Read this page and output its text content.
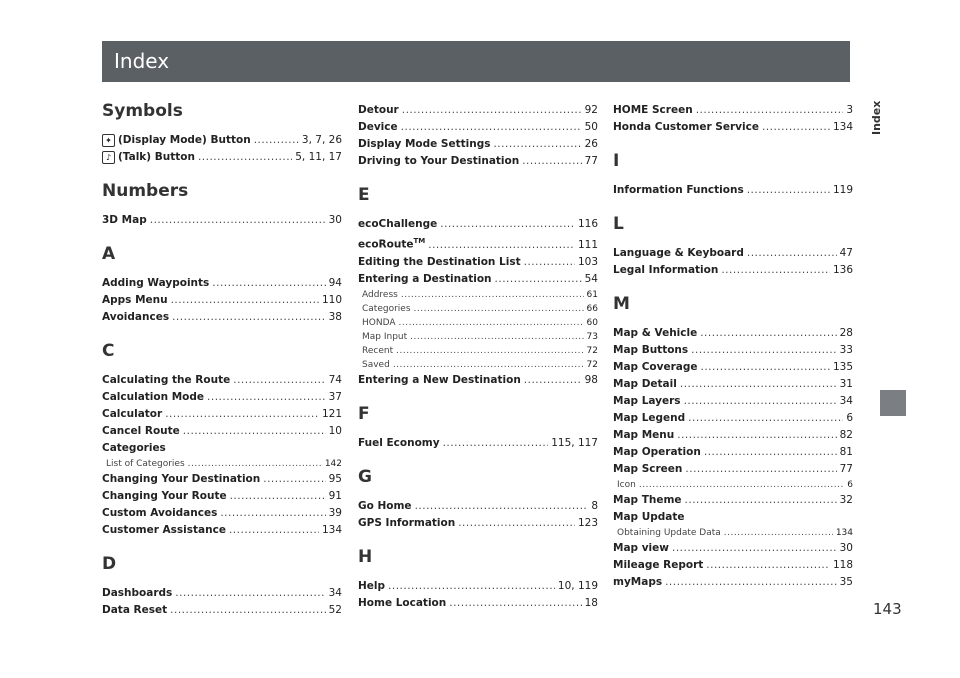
Index
Index
Symbols
✦ (Display Mode) Button .....	3, 7, 26
♪ (Talk) Button .....	5, 11, 17
Numbers
3D Map .....	30
A
Adding Waypoints .....	94
Apps Menu .....	110
Avoidances .....	38
C
Calculating the Route .....	74
Calculation Mode .....	37
Calculator .....	121
Cancel Route .....	10
Categories
List of Categories .....	142
Changing Your Destination .....	95
Changing Your Route .....	91
Custom Avoidances .....	39
Customer Assistance .....	134
D
Dashboards .....	34
Data Reset .....	52
Detour .....	92
Device .....	50
Display Mode Settings .....	26
Driving to Your Destination .....	77
E
ecoChallenge .....	116
ecoRoute™ .....	111
Editing the Destination List .....	103
Entering a Destination .....	54
Address .....	61
Categories .....	66
HONDA .....	60
Map Input .....	73
Recent .....	72
Saved .....	72
Entering a New Destination .....	98
F
Fuel Economy .....	115, 117
G
Go Home .....	8
GPS Information .....	123
H
Help .....	10, 119
Home Location .....	18
HOME Screen .....	3
Honda Customer Service .....	134
I
Information Functions .....	119
L
Language & Keyboard .....	47
Legal Information .....	136
M
Map & Vehicle .....	28
Map Buttons .....	33
Map Coverage .....	135
Map Detail .....	31
Map Layers .....	34
Map Legend .....	6
Map Menu .....	82
Map Operation .....	81
Map Screen .....	77
Icon .....	6
Map Theme .....	32
Map Update
Obtaining Update Data .....	134
Map view .....	30
Mileage Report .....	118
myMaps .....	35
143
